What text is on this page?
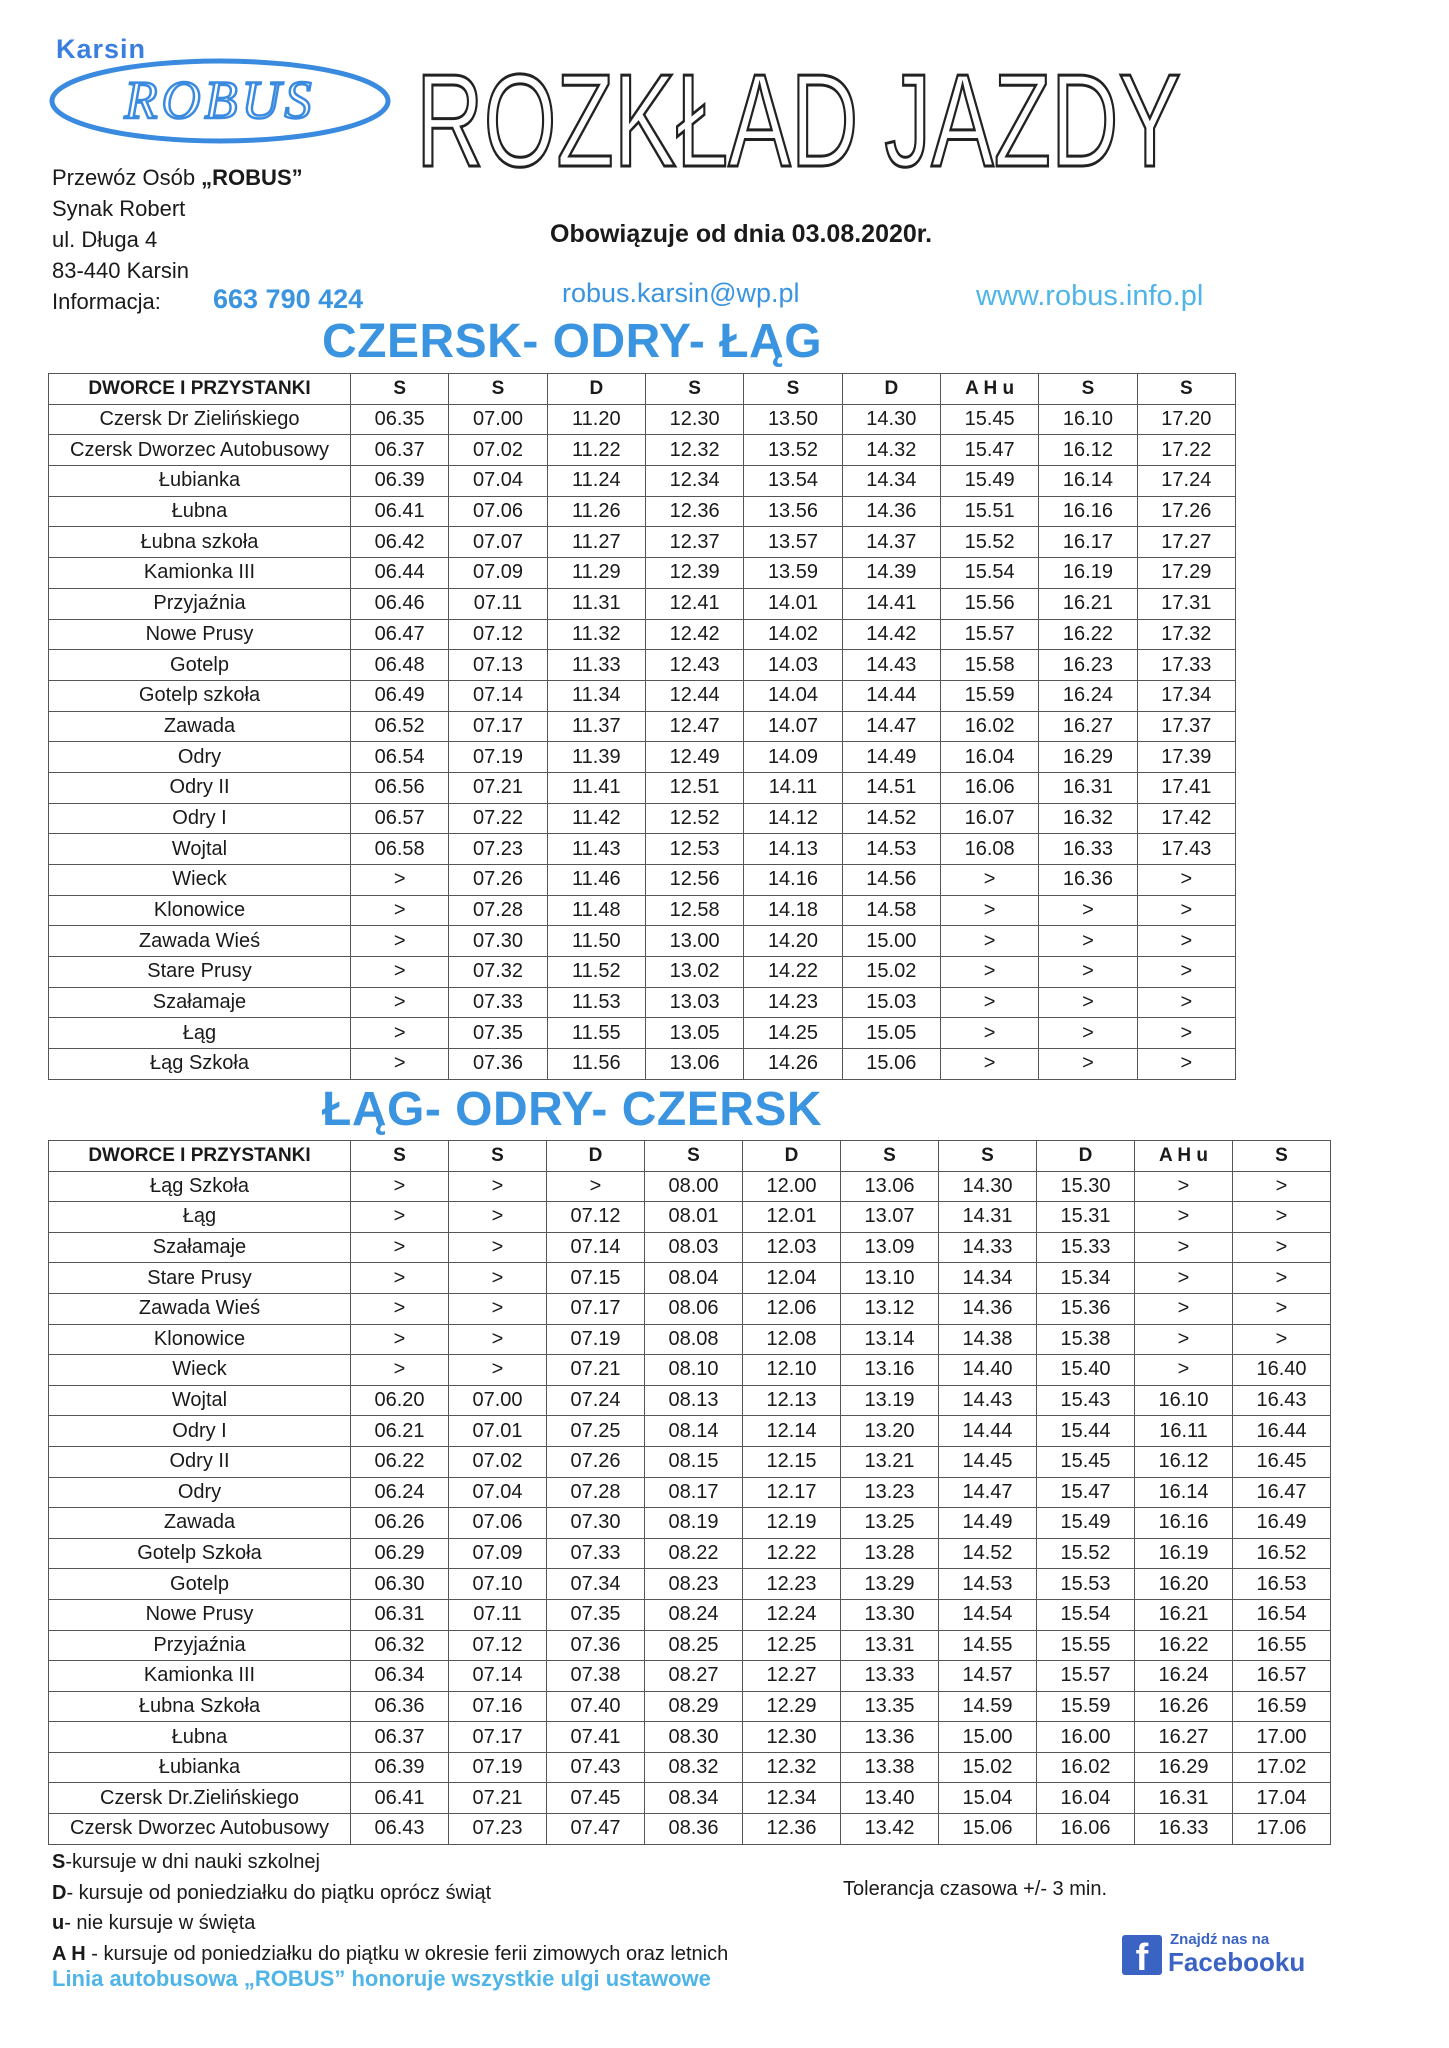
Karsin
ROBUS ROZKŁAD JAZDY
Przewóz Osób „ROBUS”
Synak Robert
ul. Długa 4
83-440 Karsin
Informacja:	663 790 424
Obowiązuje od dnia 03.08.2020r.
robus.karsin@wp.pl	www.robus.info.pl
CZERSK- ODRY- ŁĄG
DWORCE I PRZYSTANKI	S	S	D	S	S	D	A H u	S	S
Czersk Dr Zielińskiego	06.35	07.00	11.20	12.30	13.50	14.30	15.45	16.10	17.20
Czersk Dworzec Autobusowy	06.37	07.02	11.22	12.32	13.52	14.32	15.47	16.12	17.22
Łubianka	06.39	07.04	11.24	12.34	13.54	14.34	15.49	16.14	17.24
Łubna	06.41	07.06	11.26	12.36	13.56	14.36	15.51	16.16	17.26
Łubna szkoła	06.42	07.07	11.27	12.37	13.57	14.37	15.52	16.17	17.27
Kamionka III	06.44	07.09	11.29	12.39	13.59	14.39	15.54	16.19	17.29
Przyjaźnia	06.46	07.11	11.31	12.41	14.01	14.41	15.56	16.21	17.31
Nowe Prusy	06.47	07.12	11.32	12.42	14.02	14.42	15.57	16.22	17.32
Gotelp	06.48	07.13	11.33	12.43	14.03	14.43	15.58	16.23	17.33
Gotelp szkoła	06.49	07.14	11.34	12.44	14.04	14.44	15.59	16.24	17.34
Zawada	06.52	07.17	11.37	12.47	14.07	14.47	16.02	16.27	17.37
Odry	06.54	07.19	11.39	12.49	14.09	14.49	16.04	16.29	17.39
Odry II	06.56	07.21	11.41	12.51	14.11	14.51	16.06	16.31	17.41
Odry I	06.57	07.22	11.42	12.52	14.12	14.52	16.07	16.32	17.42
Wojtal	06.58	07.23	11.43	12.53	14.13	14.53	16.08	16.33	17.43
Wieck	>	07.26	11.46	12.56	14.16	14.56	>	16.36	>
Klonowice	>	07.28	11.48	12.58	14.18	14.58	>	>	>
Zawada Wieś	>	07.30	11.50	13.00	14.20	15.00	>	>	>
Stare Prusy	>	07.32	11.52	13.02	14.22	15.02	>	>	>
Szałamaje	>	07.33	11.53	13.03	14.23	15.03	>	>	>
Łąg	>	07.35	11.55	13.05	14.25	15.05	>	>	>
Łąg Szkoła	>	07.36	11.56	13.06	14.26	15.06	>	>	>
ŁĄG- ODRY- CZERSK
DWORCE I PRZYSTANKI	S	S	D	S	D	S	S	D	A H u	S
Łąg Szkoła	>	>	>	08.00	12.00	13.06	14.30	15.30	>	>
Łąg	>	>	07.12	08.01	12.01	13.07	14.31	15.31	>	>
Szałamaje	>	>	07.14	08.03	12.03	13.09	14.33	15.33	>	>
Stare Prusy	>	>	07.15	08.04	12.04	13.10	14.34	15.34	>	>
Zawada Wieś	>	>	07.17	08.06	12.06	13.12	14.36	15.36	>	>
Klonowice	>	>	07.19	08.08	12.08	13.14	14.38	15.38	>	>
Wieck	>	>	07.21	08.10	12.10	13.16	14.40	15.40	>	16.40
Wojtal	06.20	07.00	07.24	08.13	12.13	13.19	14.43	15.43	16.10	16.43
Odry I	06.21	07.01	07.25	08.14	12.14	13.20	14.44	15.44	16.11	16.44
Odry II	06.22	07.02	07.26	08.15	12.15	13.21	14.45	15.45	16.12	16.45
Odry	06.24	07.04	07.28	08.17	12.17	13.23	14.47	15.47	16.14	16.47
Zawada	06.26	07.06	07.30	08.19	12.19	13.25	14.49	15.49	16.16	16.49
Gotelp Szkoła	06.29	07.09	07.33	08.22	12.22	13.28	14.52	15.52	16.19	16.52
Gotelp	06.30	07.10	07.34	08.23	12.23	13.29	14.53	15.53	16.20	16.53
Nowe Prusy	06.31	07.11	07.35	08.24	12.24	13.30	14.54	15.54	16.21	16.54
Przyjaźnia	06.32	07.12	07.36	08.25	12.25	13.31	14.55	15.55	16.22	16.55
Kamionka III	06.34	07.14	07.38	08.27	12.27	13.33	14.57	15.57	16.24	16.57
Łubna Szkoła	06.36	07.16	07.40	08.29	12.29	13.35	14.59	15.59	16.26	16.59
Łubna	06.37	07.17	07.41	08.30	12.30	13.36	15.00	16.00	16.27	17.00
Łubianka	06.39	07.19	07.43	08.32	12.32	13.38	15.02	16.02	16.29	17.02
Czersk Dr.Zielińskiego	06.41	07.21	07.45	08.34	12.34	13.40	15.04	16.04	16.31	17.04
Czersk Dworzec Autobusowy	06.43	07.23	07.47	08.36	12.36	13.42	15.06	16.06	16.33	17.06
S-kursuje w dni nauki szkolnej
D- kursuje od poniedziałku do piątku oprócz świąt
u- nie kursuje w święta
A H - kursuje od poniedziałku do piątku w okresie ferii zimowych oraz letnich
Tolerancja czasowa +/- 3 min.
Linia autobusowa „ROBUS” honoruje wszystkie ulgi ustawowe	f	Znajdź nas na
Facebooku
